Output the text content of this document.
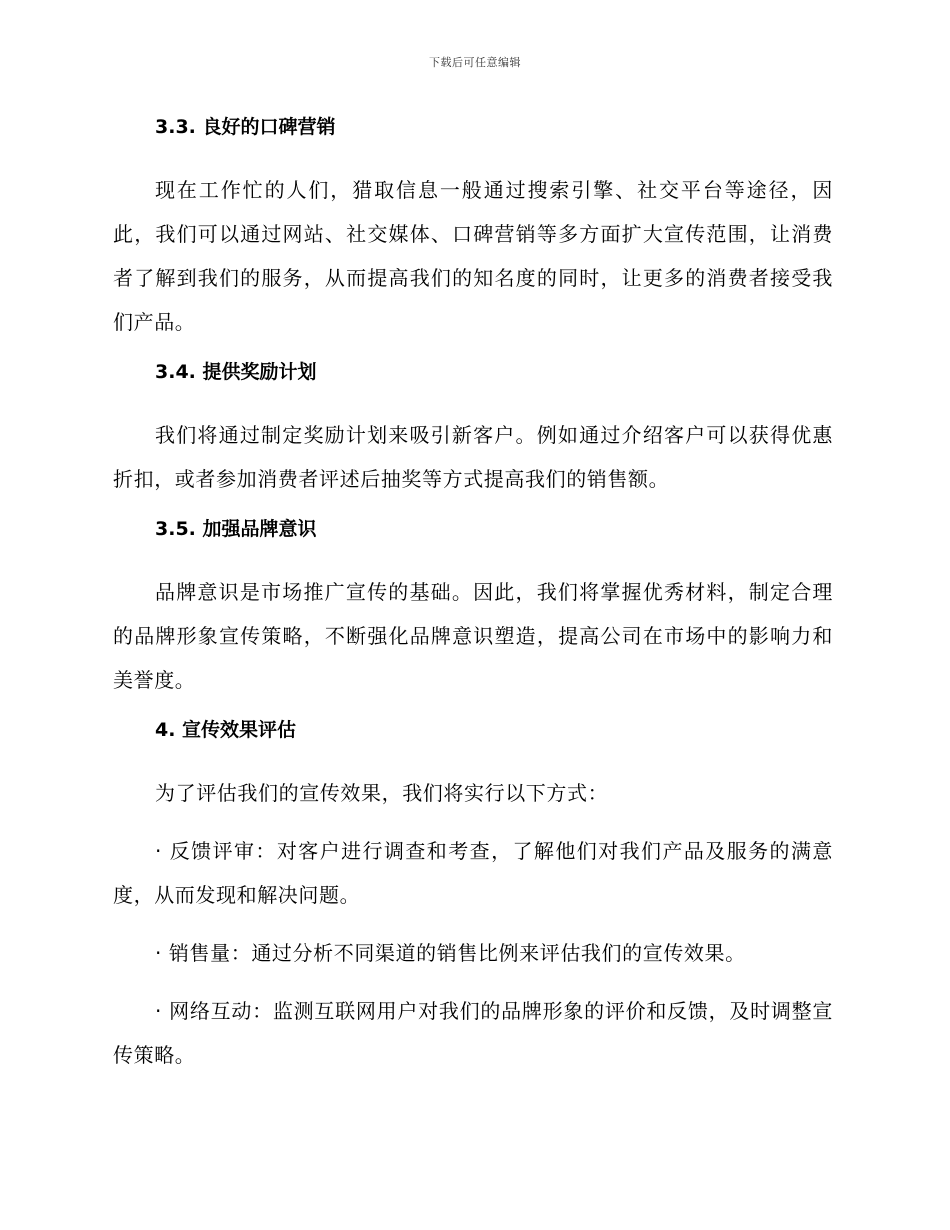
下载后可任意编辑
3.3. 良好的口碑营销

现在工作忙的人们，猎取信息一般通过搜索引擎、社交平台等途径，因此，我们可以通过网站、社交媒体、口碑营销等多方面扩大宣传范围，让消费者了解到我们的服务，从而提高我们的知名度的同时，让更多的消费者接受我们产品。

3.4. 提供奖励计划

我们将通过制定奖励计划来吸引新客户。例如通过介绍客户可以获得优惠折扣，或者参加消费者评述后抽奖等方式提高我们的销售额。

3.5. 加强品牌意识

品牌意识是市场推广宣传的基础。因此，我们将掌握优秀材料，制定合理的品牌形象宣传策略，不断强化品牌意识塑造，提高公司在市场中的影响力和美誉度。

4. 宣传效果评估

为了评估我们的宣传效果，我们将实行以下方式：

· 反馈评审：对客户进行调查和考查，了解他们对我们产品及服务的满意度，从而发现和解决问题。

· 销售量：通过分析不同渠道的销售比例来评估我们的宣传效果。

· 网络互动：监测互联网用户对我们的品牌形象的评价和反馈，及时调整宣传策略。
